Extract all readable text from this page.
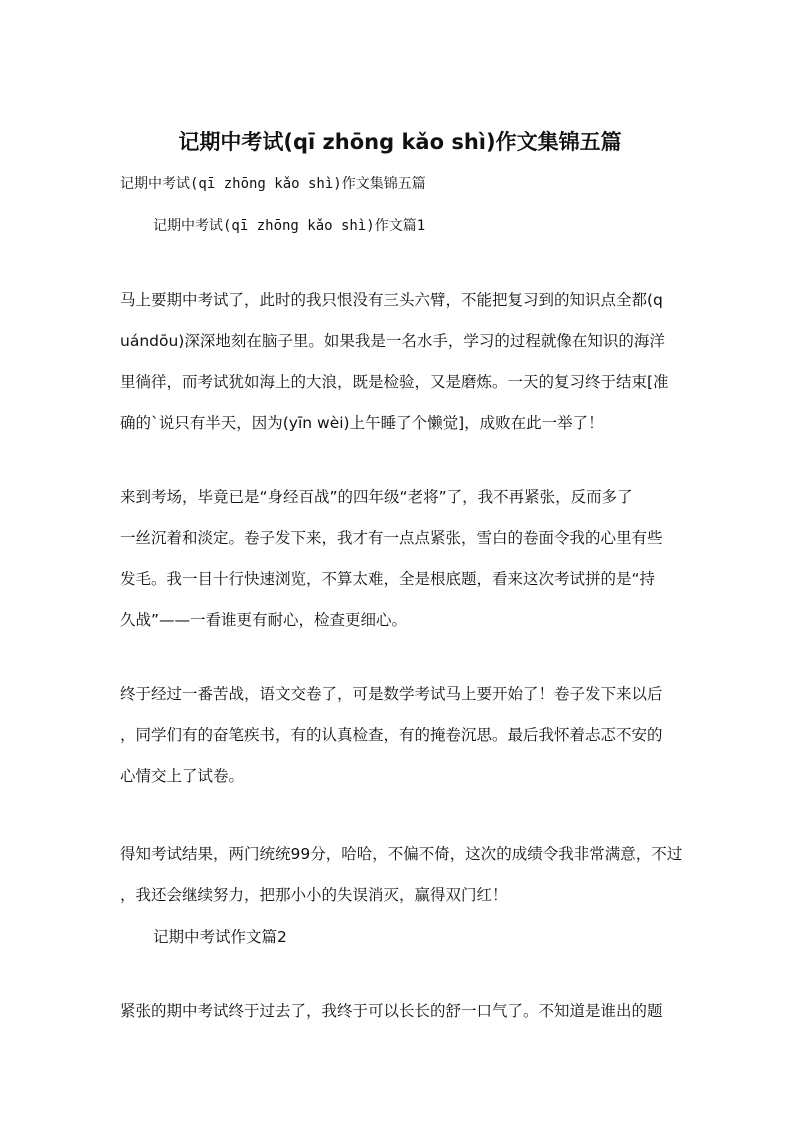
记期中考试(qī zhōng kǎo shì)作文集锦五篇
记期中考试(qī zhōng kǎo shì)作文集锦五篇
记期中考试(qī zhōng kǎo shì)作文篇1
马上要期中考试了，此时的我只恨没有三头六臂，不能把复习到的知识点全都(q
uándōu)深深地刻在脑子里。如果我是一名水手，学习的过程就像在知识的海洋
里徜徉，而考试犹如海上的大浪，既是检验，又是磨炼。一天的复习终于结束[准
确的`说只有半天，因为(yīn wèi)上午睡了个懒觉]，成败在此一举了！
来到考场，毕竟已是“身经百战”的四年级“老将”了，我不再紧张，反而多了
一丝沉着和淡定。卷子发下来，我才有一点点紧张，雪白的卷面令我的心里有些
发毛。我一目十行快速浏览，不算太难，全是根底题，看来这次考试拼的是“持
久战”——一看谁更有耐心，检查更细心。
终于经过一番苦战，语文交卷了，可是数学考试马上要开始了！卷子发下来以后
，同学们有的奋笔疾书，有的认真检查，有的掩卷沉思。最后我怀着忐忑不安的
心情交上了试卷。
得知考试结果，两门统统99分，哈哈，不偏不倚，这次的成绩令我非常满意，不过
，我还会继续努力，把那小小的失误消灭，赢得双门红！
记期中考试作文篇2
紧张的期中考试终于过去了，我终于可以长长的舒一口气了。不知道是谁出的题
